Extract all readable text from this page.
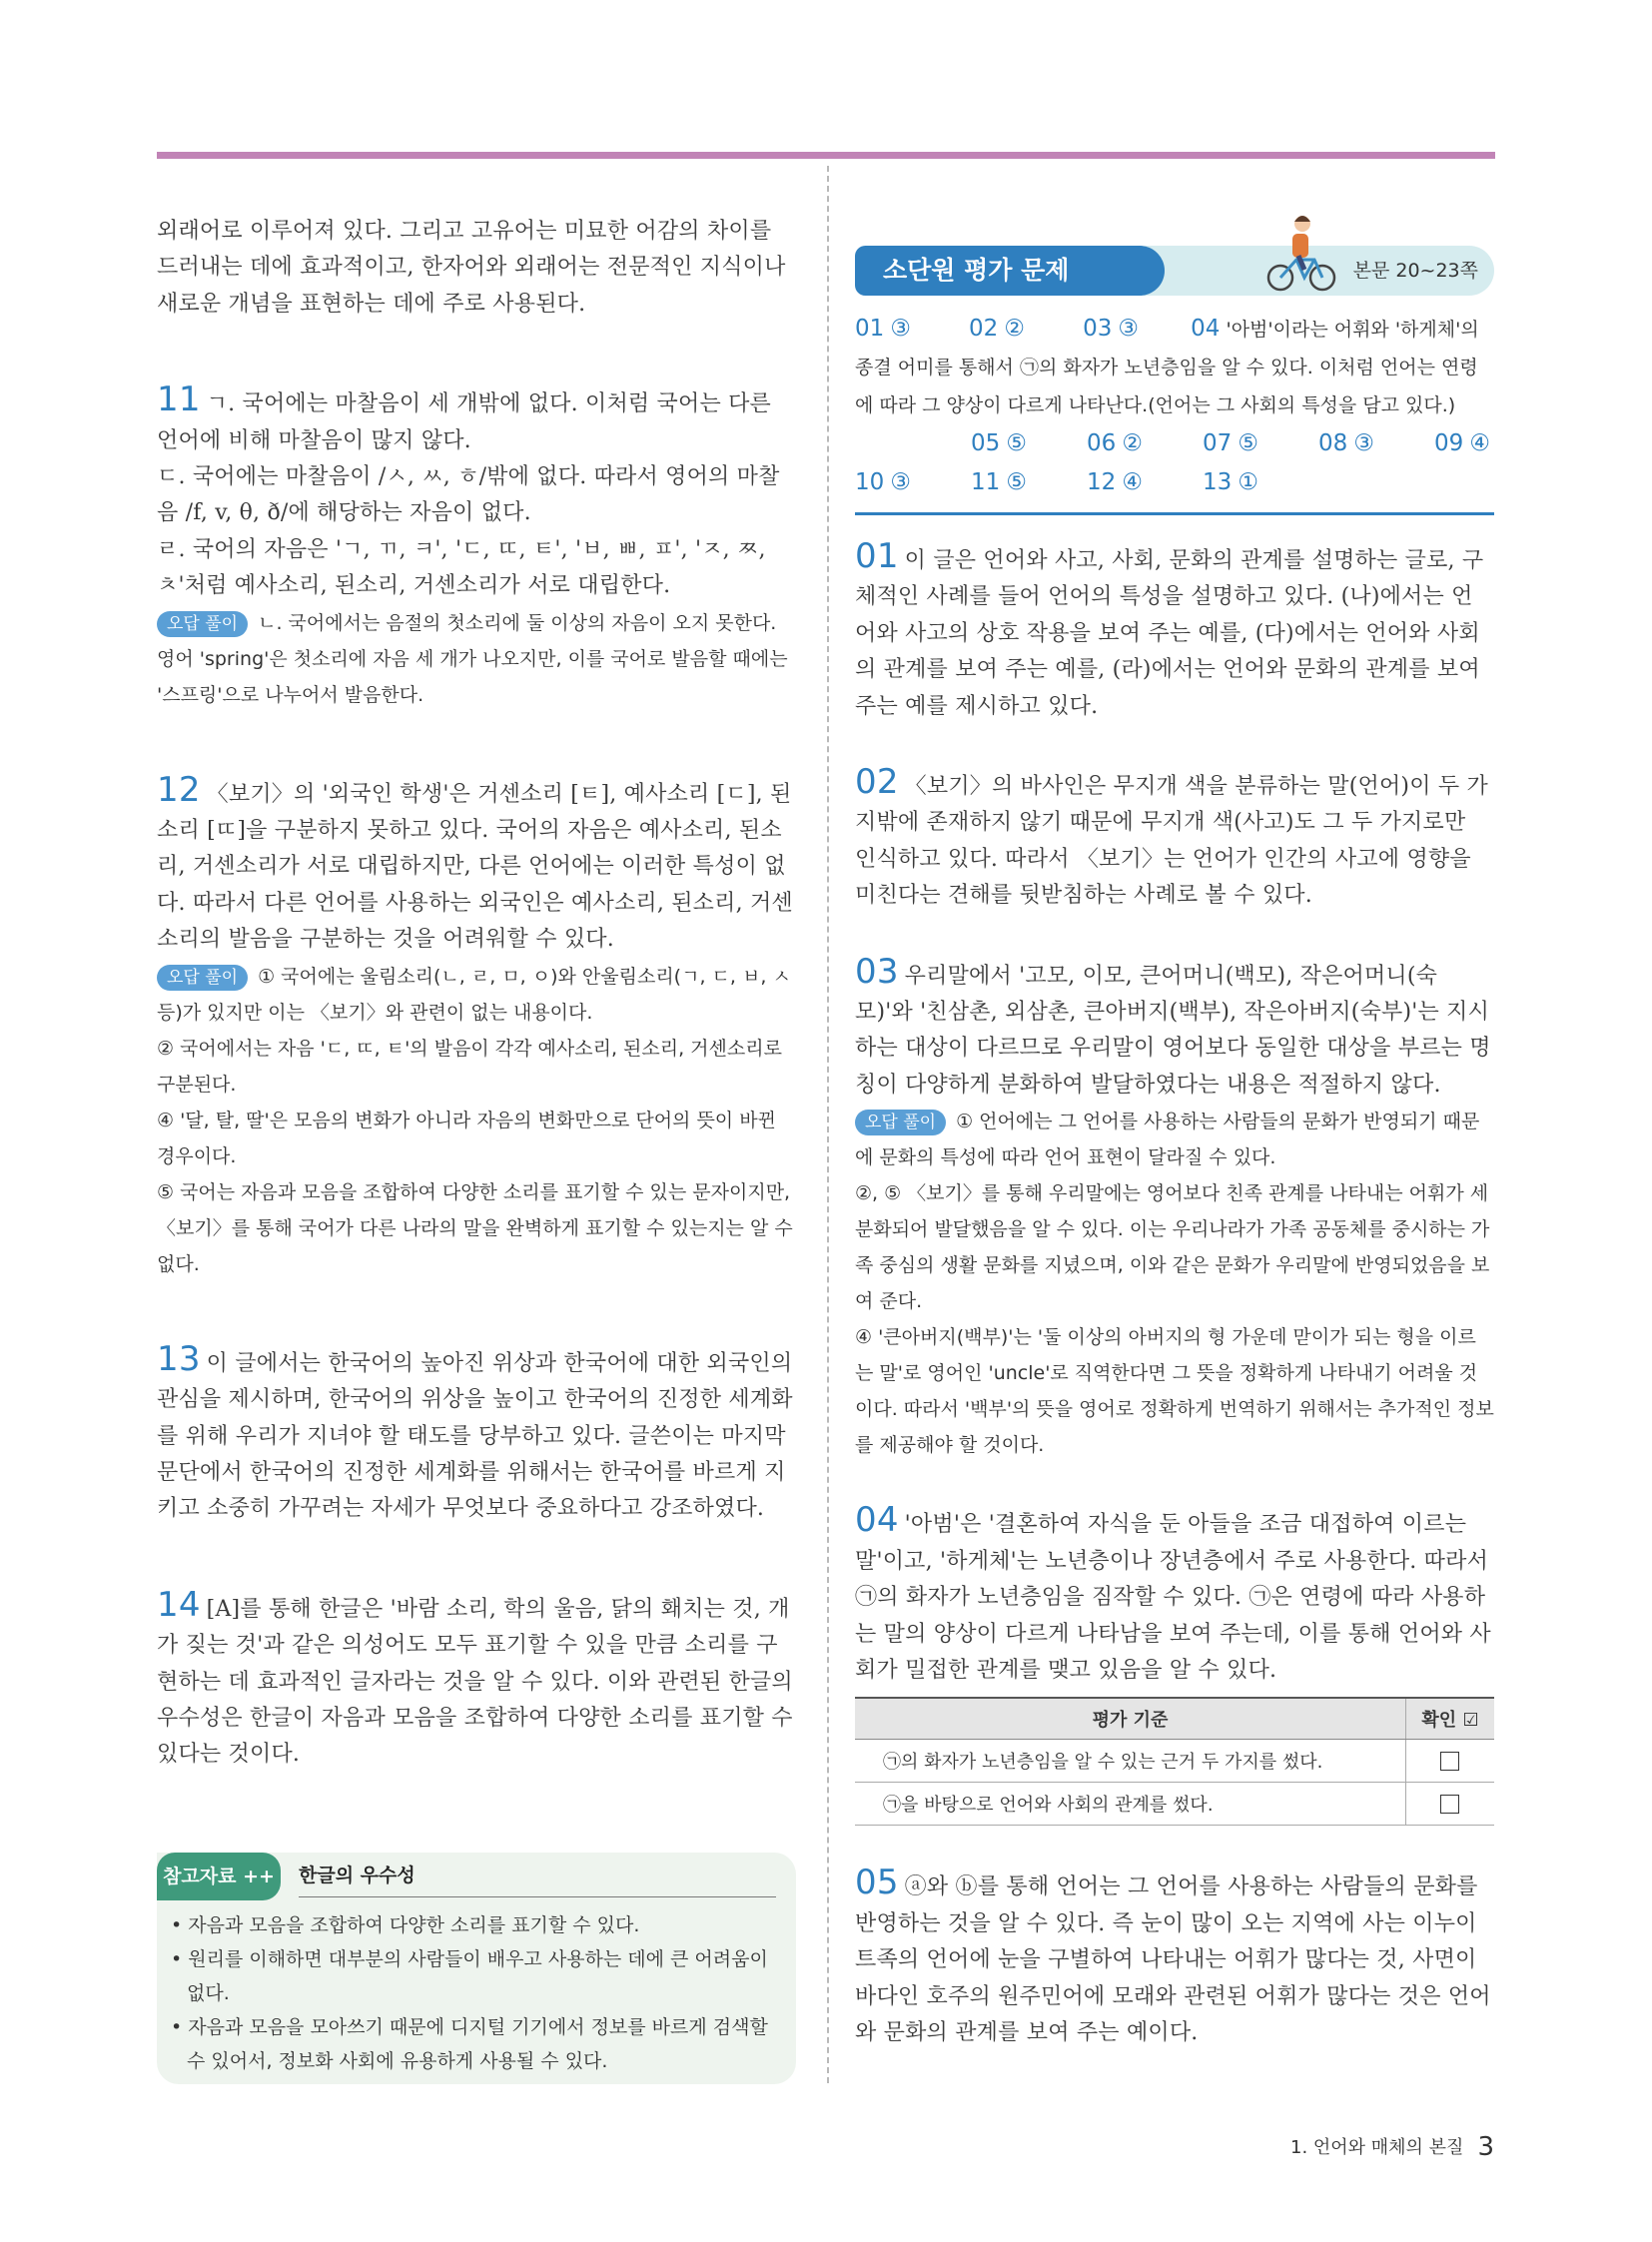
외래어로 이루어져 있다. 그리고 고유어는 미묘한 어감의 차이를 드러내는 데에 효과적이고, 한자어와 외래어는 전문적인 지식이나 새로운 개념을 표현하는 데에 주로 사용된다.

11 ㄱ. 국어에는 마찰음이 세 개밖에 없다. 이처럼 국어는 다른 언어에 비해 마찰음이 많지 않다.

ㄷ. 국어에는 마찰음이 /ㅅ, ㅆ, ㅎ/밖에 없다. 따라서 영어의 마찰음 /f, v, θ, ð/에 해당하는 자음이 없다.

ㄹ. 국어의 자음은 'ㄱ, ㄲ, ㅋ', 'ㄷ, ㄸ, ㅌ', 'ㅂ, ㅃ, ㅍ', 'ㅈ, ㅉ, ㅊ'처럼 예사소리, 된소리, 거센소리가 서로 대립한다.

오답 풀이 ㄴ. 국어에서는 음절의 첫소리에 둘 이상의 자음이 오지 못한다. 영어 'spring'은 첫소리에 자음 세 개가 나오지만, 이를 국어로 발음할 때에는 '스프링'으로 나누어서 발음한다.

12 〈보기〉의 '외국인 학생'은 거센소리 [ㅌ], 예사소리 [ㄷ], 된소리 [ㄸ]을 구분하지 못하고 있다. 국어의 자음은 예사소리, 된소리, 거센소리가 서로 대립하지만, 다른 언어에는 이러한 특성이 없다. 따라서 다른 언어를 사용하는 외국인은 예사소리, 된소리, 거센소리의 발음을 구분하는 것을 어려워할 수 있다.

오답 풀이 ① 국어에는 울림소리(ㄴ, ㄹ, ㅁ, ㅇ)와 안울림소리(ㄱ, ㄷ, ㅂ, ㅅ 등)가 있지만 이는 〈보기〉와 관련이 없는 내용이다.

② 국어에서는 자음 'ㄷ, ㄸ, ㅌ'의 발음이 각각 예사소리, 된소리, 거센소리로 구분된다.

④ '달, 탈, 딸'은 모음의 변화가 아니라 자음의 변화만으로 단어의 뜻이 바뀐 경우이다.

⑤ 국어는 자음과 모음을 조합하여 다양한 소리를 표기할 수 있는 문자이지만, 〈보기〉를 통해 국어가 다른 나라의 말을 완벽하게 표기할 수 있는지는 알 수 없다.

13 이 글에서는 한국어의 높아진 위상과 한국어에 대한 외국인의 관심을 제시하며, 한국어의 위상을 높이고 한국어의 진정한 세계화를 위해 우리가 지녀야 할 태도를 당부하고 있다. 글쓴이는 마지막 문단에서 한국어의 진정한 세계화를 위해서는 한국어를 바르게 지키고 소중히 가꾸려는 자세가 무엇보다 중요하다고 강조하였다.

14 [A]를 통해 한글은 '바람 소리, 학의 울음, 닭의 홰치는 것, 개가 짖는 것'과 같은 의성어도 모두 표기할 수 있을 만큼 소리를 구현하는 데 효과적인 글자라는 것을 알 수 있다. 이와 관련된 한글의 우수성은 한글이 자음과 모음을 조합하여 다양한 소리를 표기할 수 있다는 것이다.

참고자료 ++	한글의 우수성
• 자음과 모음을 조합하여 다양한 소리를 표기할 수 있다.
• 원리를 이해하면 대부분의 사람들이 배우고 사용하는 데에 큰 어려움이 없다.
• 자음과 모음을 모아쓰기 때문에 디지털 기기에서 정보를 바르게 검색할 수 있어서, 정보화 사회에 유용하게 사용될 수 있다.
소단원 평가 문제	본문 20~23쪽
01 ③	02 ②	03 ③ 04 '아범'이라는 어휘와 '하게체'의 종결 어미를 통해서 ㉠의 화자가 노년층임을 알 수 있다. 이처럼 언어는 연령에 따라 그 양상이 다르게 나타난다.(언어는 그 사회의 특성을 담고 있다.)
05 ⑤	06 ②	07 ⑤	08 ③	09 ④
10 ③	11 ⑤	12 ④	13 ①

01 이 글은 언어와 사고, 사회, 문화의 관계를 설명하는 글로, 구체적인 사례를 들어 언어의 특성을 설명하고 있다. (나)에서는 언어와 사고의 상호 작용을 보여 주는 예를, (다)에서는 언어와 사회의 관계를 보여 주는 예를, (라)에서는 언어와 문화의 관계를 보여 주는 예를 제시하고 있다.

02 〈보기〉의 바사인은 무지개 색을 분류하는 말(언어)이 두 가지밖에 존재하지 않기 때문에 무지개 색(사고)도 그 두 가지로만 인식하고 있다. 따라서 〈보기〉는 언어가 인간의 사고에 영향을 미친다는 견해를 뒷받침하는 사례로 볼 수 있다.

03 우리말에서 '고모, 이모, 큰어머니(백모), 작은어머니(숙모)'와 '친삼촌, 외삼촌, 큰아버지(백부), 작은아버지(숙부)'는 지시하는 대상이 다르므로 우리말이 영어보다 동일한 대상을 부르는 명칭이 다양하게 분화하여 발달하였다는 내용은 적절하지 않다.

오답 풀이 ① 언어에는 그 언어를 사용하는 사람들의 문화가 반영되기 때문에 문화의 특성에 따라 언어 표현이 달라질 수 있다.

②, ⑤ 〈보기〉를 통해 우리말에는 영어보다 친족 관계를 나타내는 어휘가 세분화되어 발달했음을 알 수 있다. 이는 우리나라가 가족 공동체를 중시하는 가족 중심의 생활 문화를 지녔으며, 이와 같은 문화가 우리말에 반영되었음을 보여 준다.

④ '큰아버지(백부)'는 '둘 이상의 아버지의 형 가운데 맏이가 되는 형을 이르는 말'로 영어인 'uncle'로 직역한다면 그 뜻을 정확하게 나타내기 어려울 것이다. 따라서 '백부'의 뜻을 영어로 정확하게 번역하기 위해서는 추가적인 정보를 제공해야 할 것이다.

04 '아범'은 '결혼하여 자식을 둔 아들을 조금 대접하여 이르는 말'이고, '하게체'는 노년층이나 장년층에서 주로 사용한다. 따라서 ㉠의 화자가 노년층임을 짐작할 수 있다. ㉠은 연령에 따라 사용하는 말의 양상이 다르게 나타남을 보여 주는데, 이를 통해 언어와 사회가 밀접한 관계를 맺고 있음을 알 수 있다.

평가 기준	확인 ☑
㉠의 화자가 노년층임을 알 수 있는 근거 두 가지를 썼다.	
㉠을 바탕으로 언어와 사회의 관계를 썼다.	

05 ⓐ와 ⓑ를 통해 언어는 그 언어를 사용하는 사람들의 문화를 반영하는 것을 알 수 있다. 즉 눈이 많이 오는 지역에 사는 이누이트족의 언어에 눈을 구별하여 나타내는 어휘가 많다는 것, 사면이 바다인 호주의 원주민어에 모래와 관련된 어휘가 많다는 것은 언어와 문화의 관계를 보여 주는 예이다.

1. 언어와 매체의 본질 3
